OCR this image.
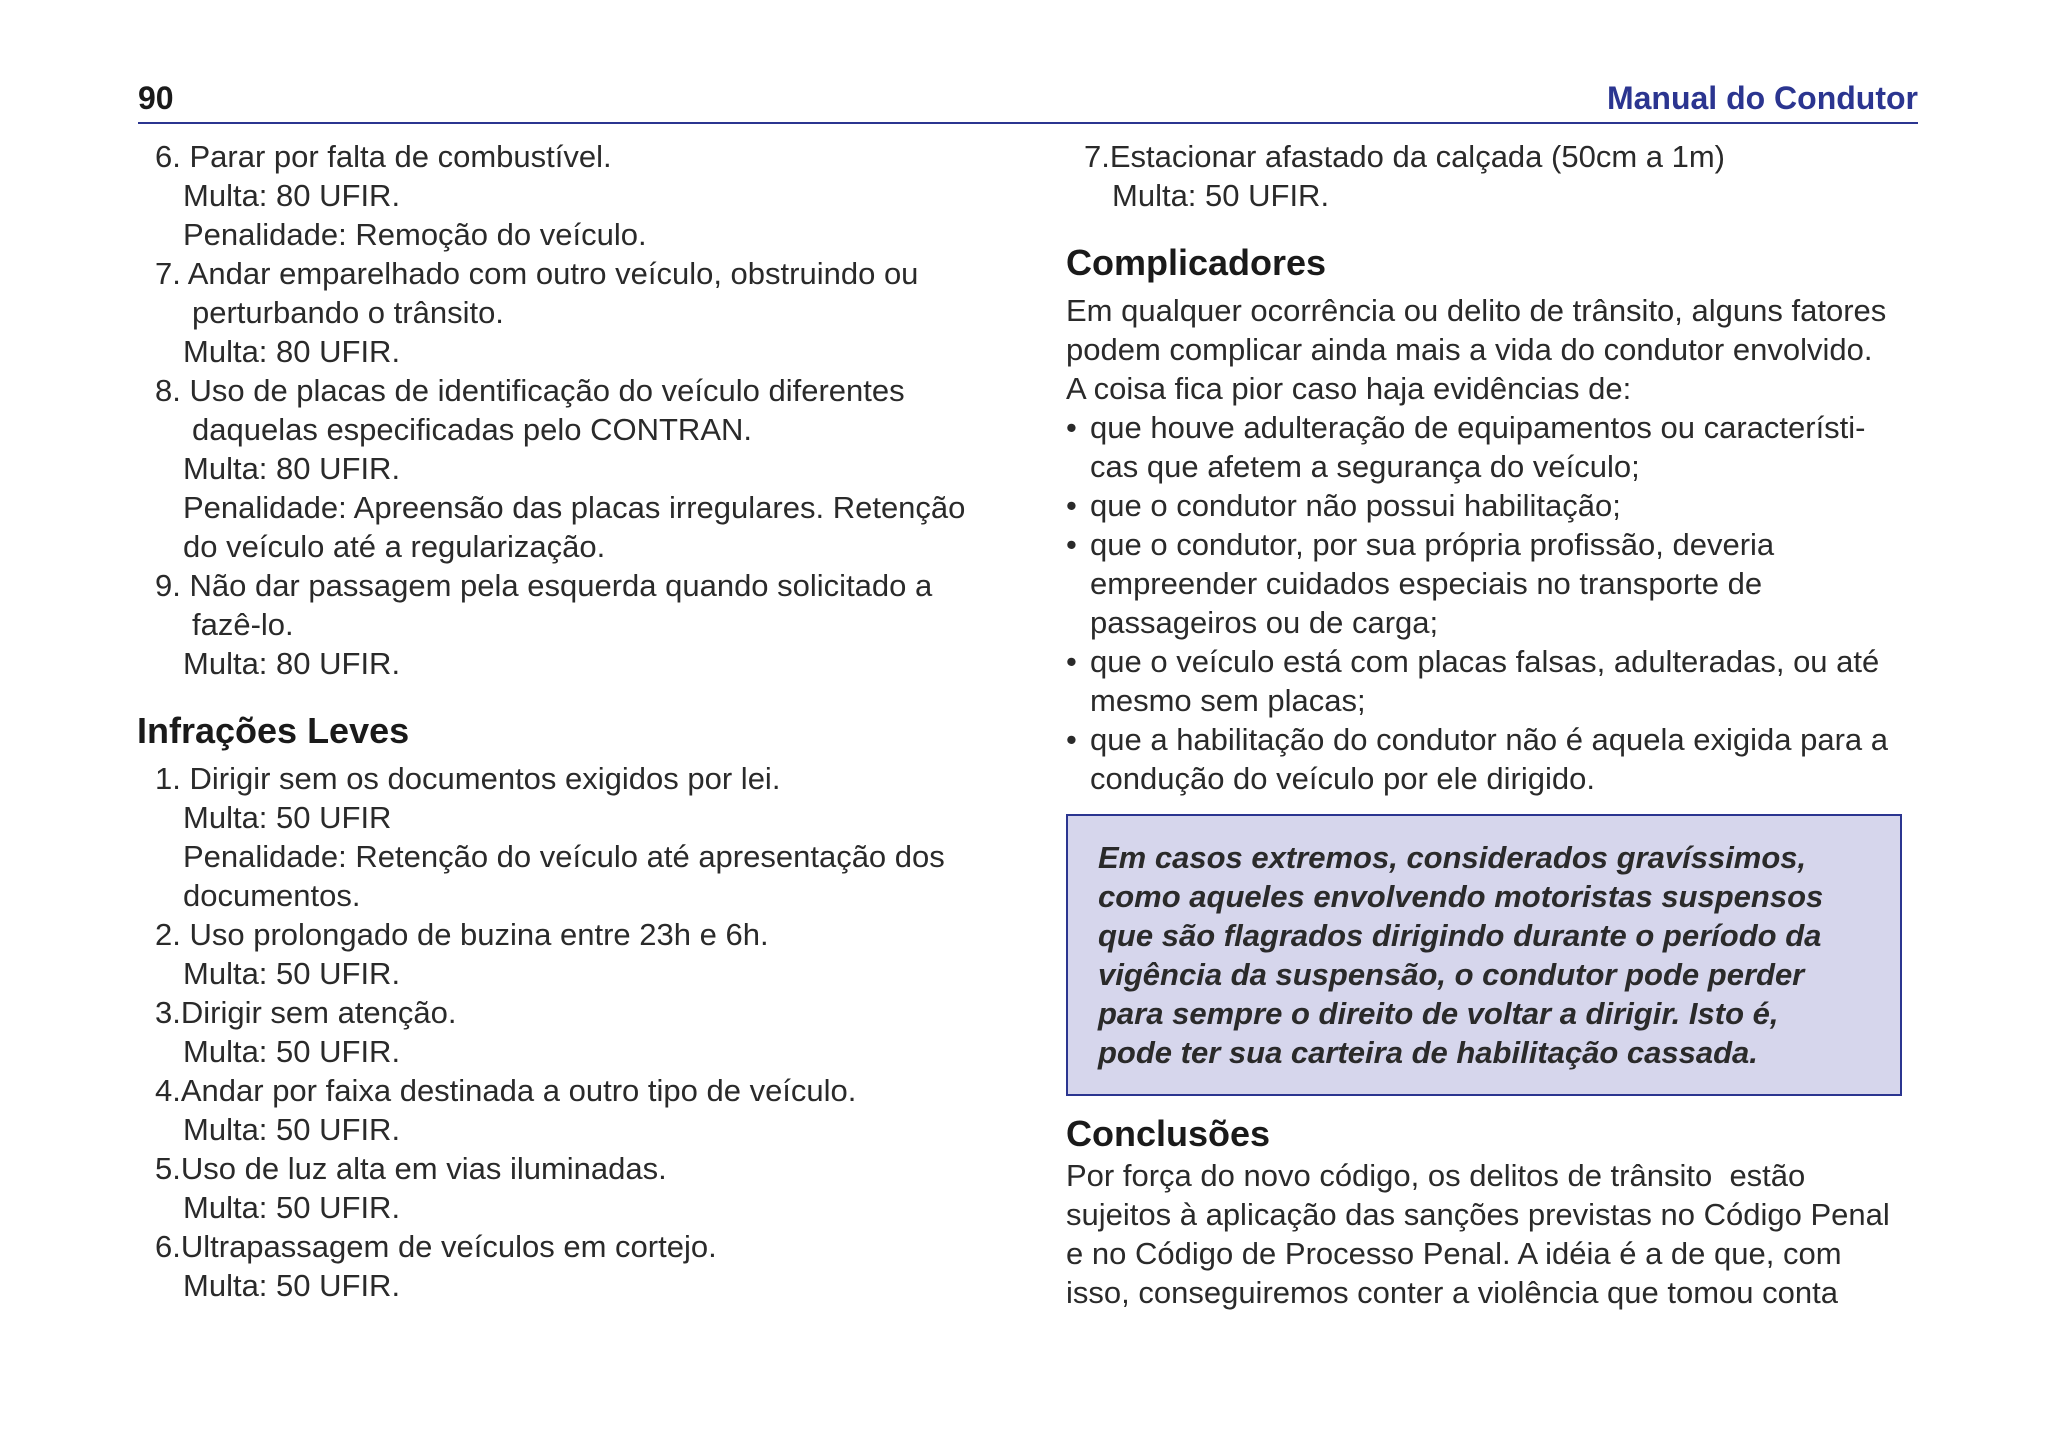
90	Manual do Condutor
6. Parar por falta de combustível.
Multa: 80 UFIR.
Penalidade: Remoção do veículo.
7. Andar emparelhado com outro veículo, obstruindo ou
perturbando o trânsito.
Multa: 80 UFIR.
8. Uso de placas de identificação do veículo diferentes
daquelas especificadas pelo CONTRAN.
Multa: 80 UFIR.
Penalidade: Apreensão das placas irregulares. Retenção
do veículo até a regularização.
9. Não dar passagem pela esquerda quando solicitado a
fazê-lo.
Multa: 80 UFIR.
Infrações Leves
1. Dirigir sem os documentos exigidos por lei.
Multa: 50 UFIR
Penalidade: Retenção do veículo até apresentação dos
documentos.
2. Uso prolongado de buzina entre 23h e 6h.
Multa: 50 UFIR.
3.Dirigir sem atenção.
Multa: 50 UFIR.
4.Andar por faixa destinada a outro tipo de veículo.
Multa: 50 UFIR.
5.Uso de luz alta em vias iluminadas.
Multa: 50 UFIR.
6.Ultrapassagem de veículos em cortejo.
Multa: 50 UFIR.
7.Estacionar afastado da calçada (50cm a 1m)
Multa: 50 UFIR.
Complicadores
Em qualquer ocorrência ou delito de trânsito, alguns fatores
podem complicar ainda mais a vida do condutor envolvido.
A coisa fica pior caso haja evidências de:
• que houve adulteração de equipamentos ou característi-
cas que afetem a segurança do veículo;
• que o condutor não possui habilitação;
• que o condutor, por sua própria profissão, deveria
empreender cuidados especiais no transporte de
passageiros ou de carga;
• que o veículo está com placas falsas, adulteradas, ou até
mesmo sem placas;
• que a habilitação do condutor não é aquela exigida para a
condução do veículo por ele dirigido.
Em casos extremos, considerados gravíssimos,
como aqueles envolvendo motoristas suspensos
que são flagrados dirigindo durante o período da
vigência da suspensão, o condutor pode perder
para sempre o direito de voltar a dirigir. Isto é,
pode ter sua carteira de habilitação cassada.
Conclusões
Por força do novo código, os delitos de trânsito  estão
sujeitos à aplicação das sanções previstas no Código Penal
e no Código de Processo Penal. A idéia é a de que, com
isso, conseguiremos conter a violência que tomou conta
